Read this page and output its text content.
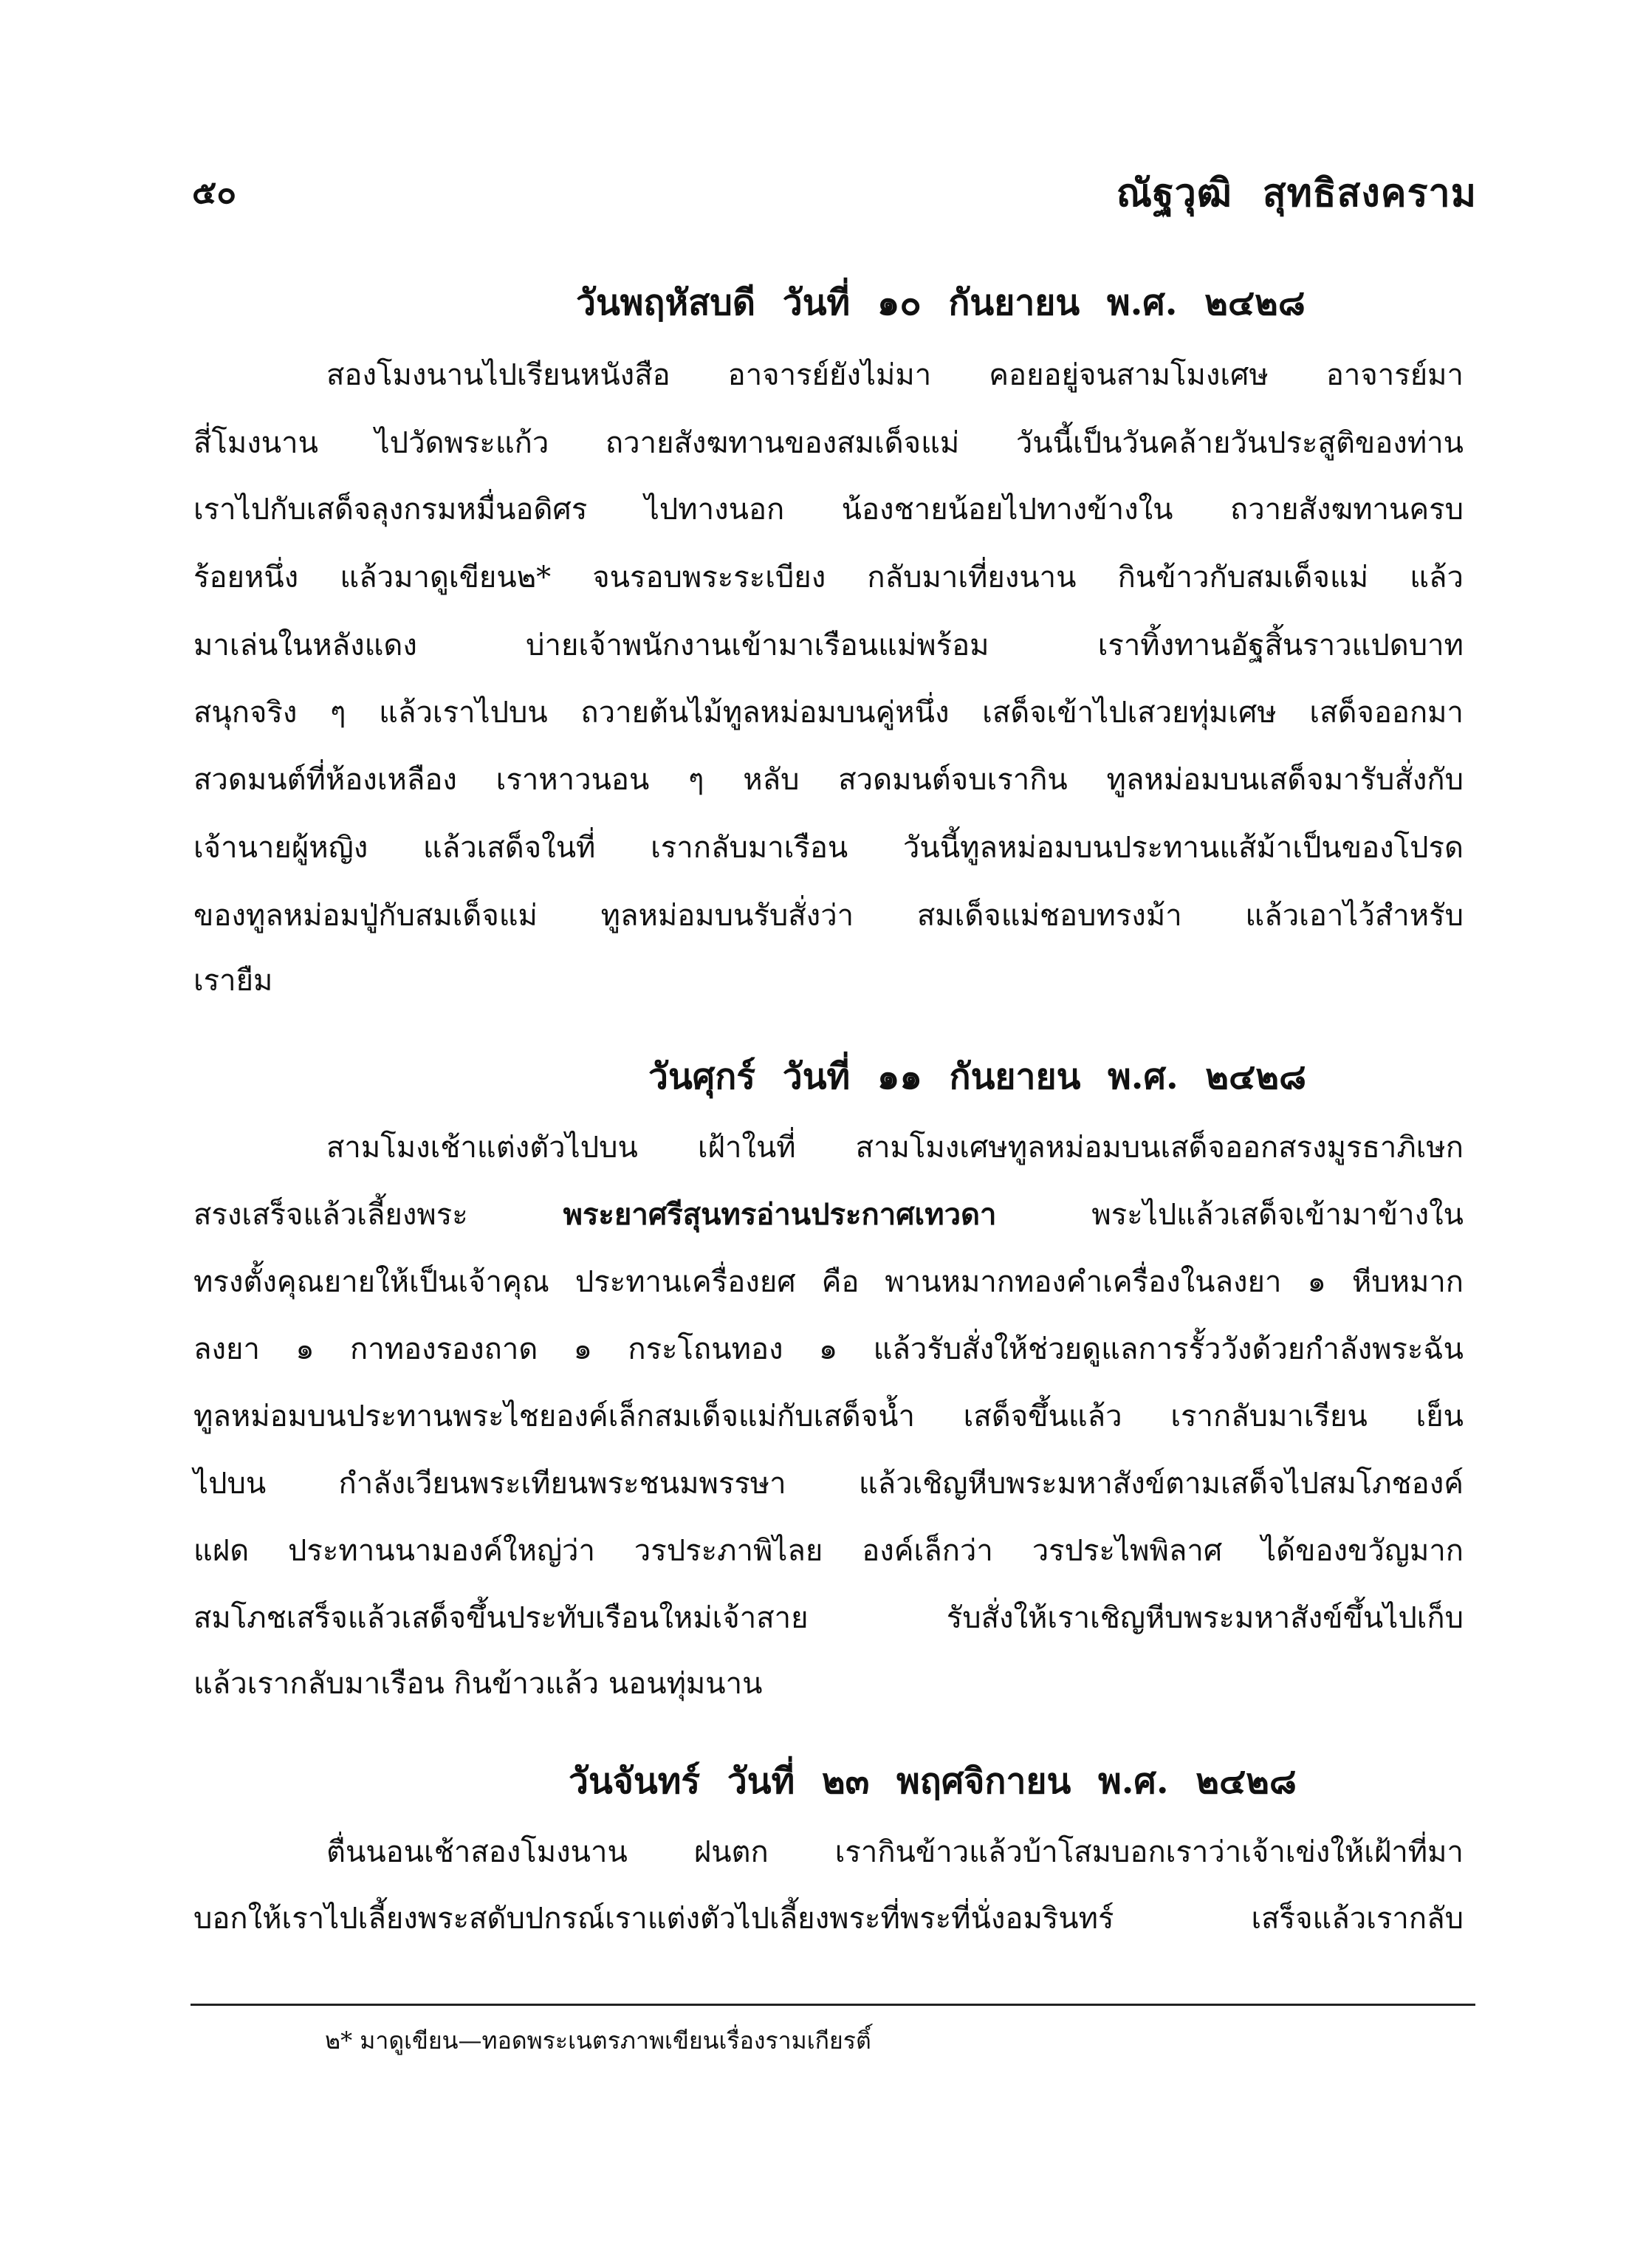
๕๐	ณัฐวุฒิ สุทธิสงคราม
วันพฤหัสบดี วันที่ ๑๐ กันยายน พ.ศ. ๒๔๒๘
สองโมงนานไปเรียนหนังสือ อาจารย์ยังไม่มา คอยอยู่จนสามโมงเศษ อาจารย์มา
สี่โมงนาน ไปวัดพระแก้ว ถวายสังฆทานของสมเด็จแม่ วันนี้เป็นวันคล้ายวันประสูติของท่าน
เราไปกับเสด็จลุงกรมหมื่นอดิศร ไปทางนอก น้องชายน้อยไปทางข้างใน ถวายสังฆทานครบ
ร้อยหนึ่ง แล้วมาดูเขียน๒* จนรอบพระระเบียง กลับมาเที่ยงนาน กินข้าวกับสมเด็จแม่ แล้ว
มาเล่นในหลังแดง บ่ายเจ้าพนักงานเข้ามาเรือนแม่พร้อม เราทิ้งทานอัฐสิ้นราวแปดบาท
สนุกจริง ๆ แล้วเราไปบน ถวายต้นไม้ทูลหม่อมบนคู่หนึ่ง เสด็จเข้าไปเสวยทุ่มเศษ เสด็จออกมา
สวดมนต์ที่ห้องเหลือง เราหาวนอน ๆ หลับ สวดมนต์จบเรากิน ทูลหม่อมบนเสด็จมารับสั่งกับ
เจ้านายผู้หญิง แล้วเสด็จในที่ เรากลับมาเรือน วันนี้ทูลหม่อมบนประทานแส้ม้าเป็นของโปรด
ของทูลหม่อมปู่กับสมเด็จแม่ ทูลหม่อมบนรับสั่งว่า สมเด็จแม่ชอบทรงม้า แล้วเอาไว้สำหรับ
เรายืม
วันศุกร์ วันที่ ๑๑ กันยายน พ.ศ. ๒๔๒๘
สามโมงเช้าแต่งตัวไปบน เฝ้าในที่ สามโมงเศษทูลหม่อมบนเสด็จออกสรงมูรธาภิเษก
สรงเสร็จแล้วเลี้ยงพระ	พระยาศรีสุนทรอ่านประกาศเทวดา	พระไปแล้วเสด็จเข้ามาข้างใน
ทรงตั้งคุณยายให้เป็นเจ้าคุณ ประทานเครื่องยศ คือ พานหมากทองคำเครื่องในลงยา ๑ หีบหมาก
ลงยา ๑ กาทองรองถาด ๑ กระโถนทอง ๑ แล้วรับสั่งให้ช่วยดูแลการรั้ววังด้วยกำลังพระฉัน
ทูลหม่อมบนประทานพระไชยองค์เล็กสมเด็จแม่กับเสด็จน้ำ เสด็จขึ้นแล้ว เรากลับมาเรียน เย็น
ไปบน กำลังเวียนพระเทียนพระชนมพรรษา แล้วเชิญหีบพระมหาสังข์ตามเสด็จไปสมโภชองค์
แฝด ประทานนามองค์ใหญ่ว่า วรประภาพิไลย องค์เล็กว่า วรประไพพิลาศ ได้ของขวัญมาก
สมโภชเสร็จแล้วเสด็จขึ้นประทับเรือนใหม่เจ้าสาย รับสั่งให้เราเชิญหีบพระมหาสังข์ขึ้นไปเก็บ
แล้วเรากลับมาเรือน กินข้าวแล้ว นอนทุ่มนาน
วันจันทร์ วันที่ ๒๓ พฤศจิกายน พ.ศ. ๒๔๒๘
ตื่นนอนเช้าสองโมงนาน ฝนตก เรากินข้าวแล้วบ้าโสมบอกเราว่าเจ้าเข่งให้เฝ้าที่มา
บอกให้เราไปเลี้ยงพระสดับปกรณ์เราแต่งตัวไปเลี้ยงพระที่พระที่นั่งอมรินทร์ เสร็จแล้วเรากลับ
๒* มาดูเขียน—ทอดพระเนตรภาพเขียนเรื่องรามเกียรติ์
